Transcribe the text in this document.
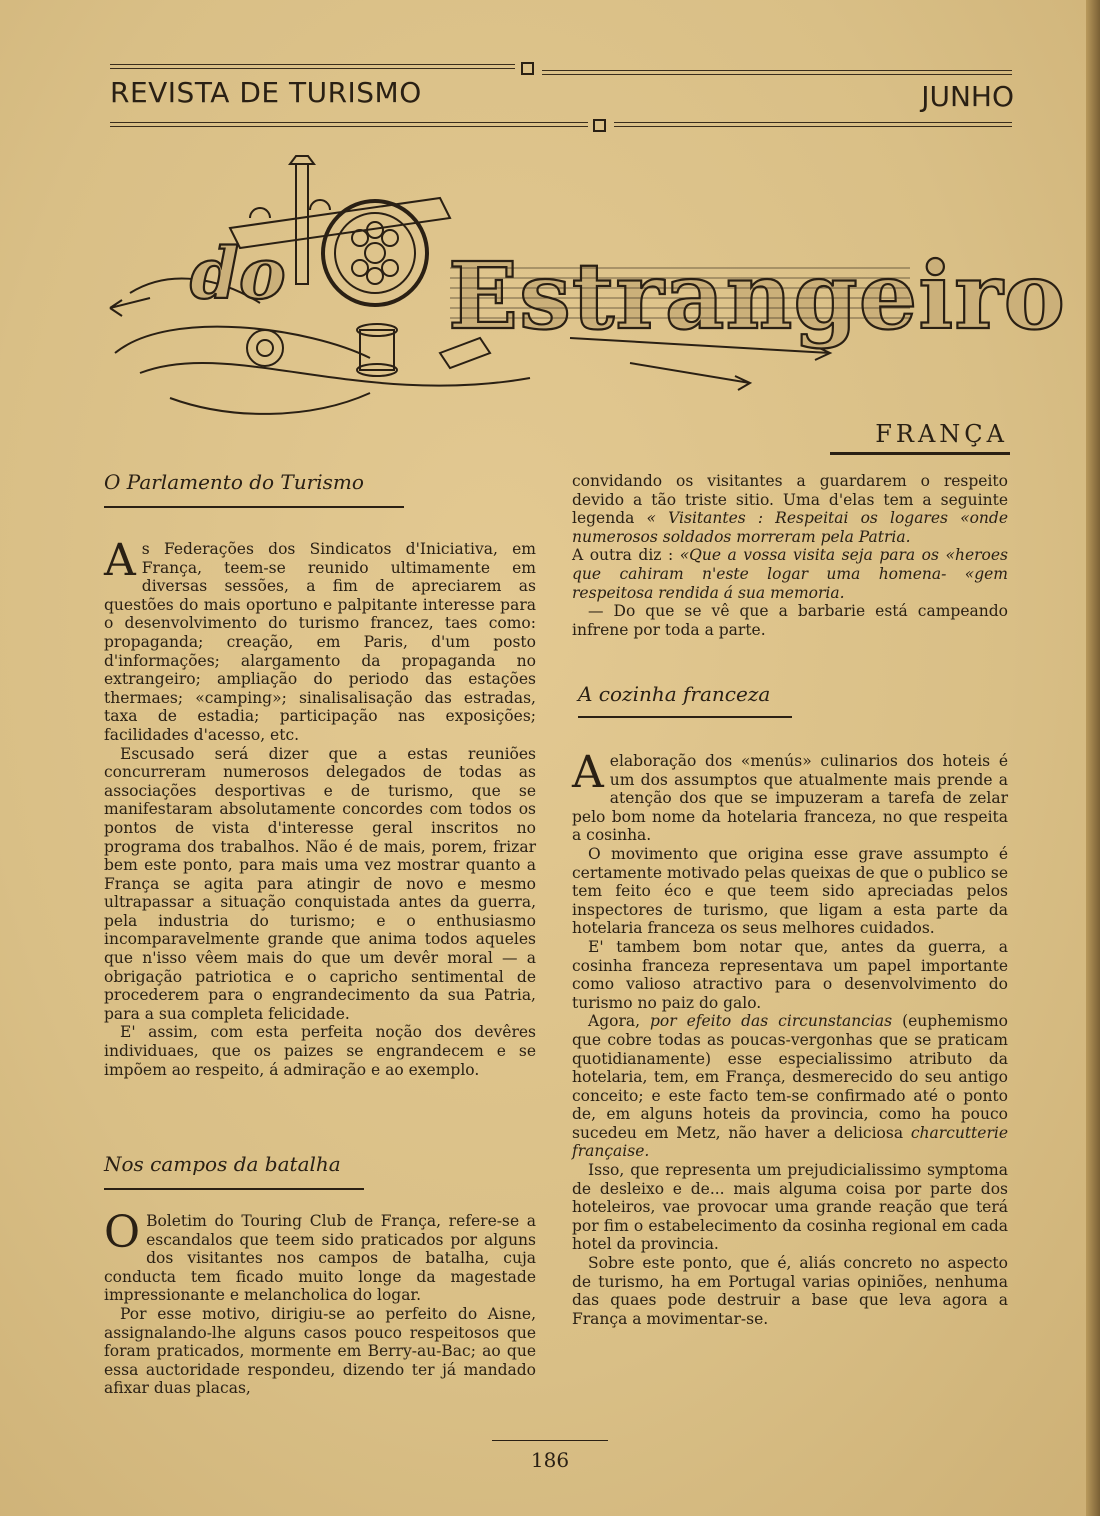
REVISTA DE TURISMO	JUNHO
do Estrangeiro
FRANÇA
O Parlamento do Turismo

As Federações dos Sindicatos d'Iniciativa, em França, teem-se reunido ultimamente em diversas sessões, a fim de apreciarem as questões do mais oportuno e palpitante interesse para o desenvolvimento do turismo francez, taes como: propaganda; creação, em Paris, d'um posto d'informações; alargamento da propaganda no extrangeiro; ampliação do periodo das estações thermaes; «camping»; sinalisalisação das estradas, taxa de estadia; participação nas exposições; facilidades d'acesso, etc.

Escusado será dizer que a estas reuniões concurreram numerosos delegados de todas as associações desportivas e de turismo, que se manifestaram absolutamente concordes com todos os pontos de vista d'interesse geral inscritos no programa dos trabalhos. Não é de mais, porem, frizar bem este ponto, para mais uma vez mostrar quanto a França se agita para atingir de novo e mesmo ultrapassar a situação conquistada antes da guerra, pela industria do turismo; e o enthusiasmo incomparavelmente grande que anima todos aqueles que n'isso vêem mais do que um devêr moral — a obrigação patriotica e o capricho sentimental de procederem para o engrandecimento da sua Patria, para a sua completa felicidade.

E' assim, com esta perfeita noção dos devêres individuaes, que os paizes se engrandecem e se impõem ao respeito, á admiração e ao exemplo.

Nos campos da batalha

O Boletim do Touring Club de França, refere-se a escandalos que teem sido praticados por alguns dos visitantes nos campos de batalha, cuja conducta tem ficado muito longe da magestade impressionante e melancholica do logar.

Por esse motivo, dirigiu-se ao perfeito do Aisne, assignalando-lhe alguns casos pouco respeitosos que foram praticados, mormente em Berry-au-Bac; ao que essa auctoridade respondeu, dizendo ter já mandado afixar duas placas,

convidando os visitantes a guardarem o respeito devido a tão triste sitio. Uma d'elas tem a seguinte legenda « Visitantes : Respeitai os logares «onde numerosos soldados morreram pela Patria.

A outra diz : «Que a vossa visita seja para os «heroes que cahiram n'este logar uma homena- «gem respeitosa rendida á sua memoria.

— Do que se vê que a barbarie está campeando infrene por toda a parte.

A cozinha franceza

Aelaboração dos «menús» culinarios dos hoteis é um dos assumptos que atualmente mais prende a atenção dos que se impuzeram a tarefa de zelar pelo bom nome da hotelaria franceza, no que respeita a cosinha.

O movimento que origina esse grave assumpto é certamente motivado pelas queixas de que o publico se tem feito éco e que teem sido apreciadas pelos inspectores de turismo, que ligam a esta parte da hotelaria franceza os seus melhores cuidados.

E' tambem bom notar que, antes da guerra, a cosinha franceza representava um papel importante como valioso atractivo para o desenvolvimento do turismo no paiz do galo.

Agora, por efeito das circunstancias (euphemismo que cobre todas as poucas-vergonhas que se praticam quotidianamente) esse especialissimo atributo da hotelaria, tem, em França, desmerecido do seu antigo conceito; e este facto tem-se confirmado até o ponto de, em alguns hoteis da provincia, como ha pouco sucedeu em Metz, não haver a deliciosa charcutterie française.

Isso, que representa um prejudicialissimo symptoma de desleixo e de... mais alguma coisa por parte dos hoteleiros, vae provocar uma grande reação que terá por fim o estabelecimento da cosinha regional em cada hotel da provincia.

Sobre este ponto, que é, aliás concreto no aspecto de turismo, ha em Portugal varias opiniões, nenhuma das quaes pode destruir a base que leva agora a França a movimentar-se.

186
